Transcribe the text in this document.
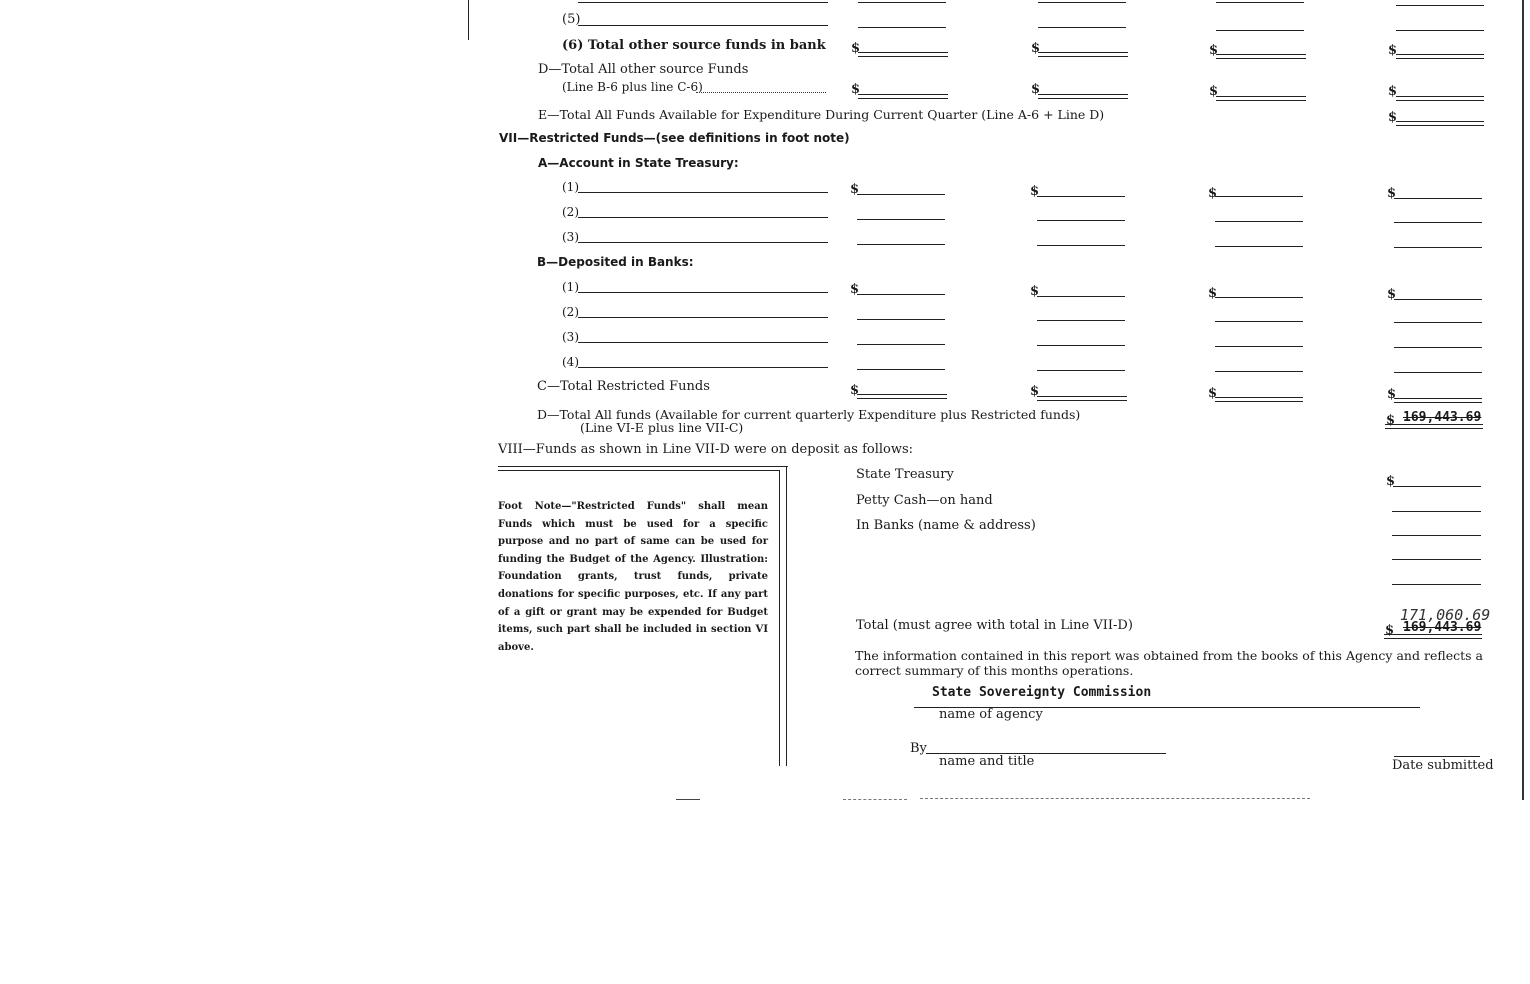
(5)
(6) Total other source funds in bank $	$	$	$
D—Total All other source Funds
(Line B-6 plus line C-6)	$	$	$	$
E—Total All Funds Available for Expenditure During Current Quarter (Line A-6 + Line D)	$
VII—Restricted Funds—(see definitions in foot note)
A—Account in State Treasury:
(1)	$	$	$	$
(2)
(3)
B—Deposited in Banks:
(1)	$	$	$	$
(2)
(3)
(4)
C—Total Restricted Funds	$	$	$	$
D—Total All funds (Available for current quarterly Expenditure plus Restricted funds)
(Line VI-E plus line VII-C)	$ 169,443.69
VIII—Funds as shown in Line VII-D were on deposit as follows:
Foot Note—"Restricted Funds" shall mean Funds which must be used for a specific purpose and no part of same can be used for funding the Budget of the Agency. Illustration: Foundation grants, trust funds, private donations for specific purposes, etc. If any part of a gift or grant may be expended for Budget items, such part shall be included in section VI above.
State Treasury	$
Petty Cash—on hand
In Banks (name & address)
171,060.69
Total (must agree with total in Line VII-D)	$ 169,443.69
The information contained in this report was obtained from the books of this Agency and reflects a correct summary of this months operations.
State Sovereignty Commission
name of agency
By
name and title	Date submitted
